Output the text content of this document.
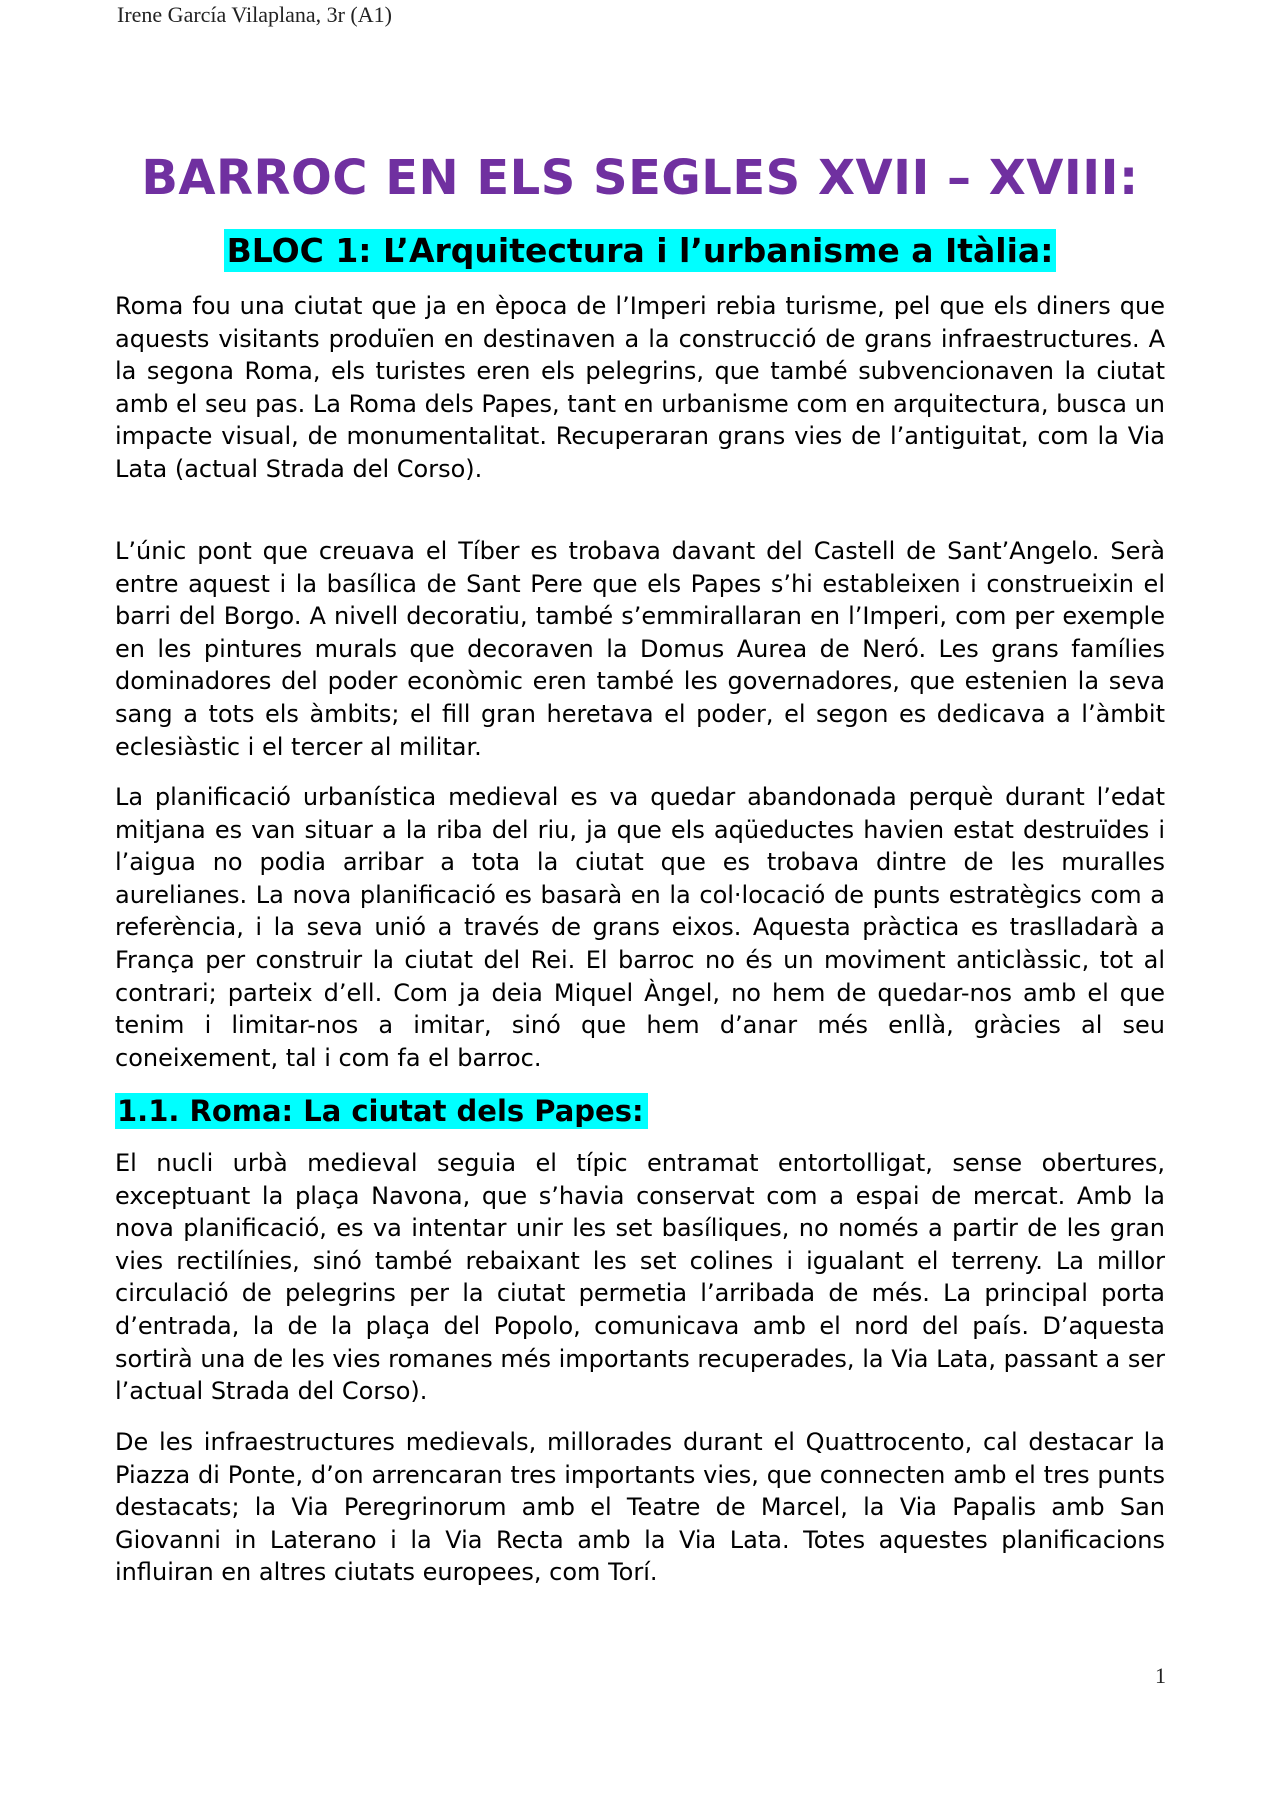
Irene García Vilaplana, 3r (A1)
BARROC EN ELS SEGLES XVII – XVIII:
BLOC 1: L’Arquitectura i l’urbanisme a Itàlia:

Roma fou una ciutat que ja en època de l’Imperi rebia turisme, pel que els diners que aquests visitants produïen en destinaven a la construcció de grans infraestructures. A la segona Roma, els turistes eren els pelegrins, que també subvencionaven la ciutat amb el seu pas. La Roma dels Papes, tant en urbanisme com en arquitectura, busca un impacte visual, de monumentalitat. Recuperaran grans vies de l’antiguitat, com la Via Lata (actual Strada del Corso).

L’únic pont que creuava el Tíber es trobava davant del Castell de Sant’Angelo. Serà entre aquest i la basílica de Sant Pere que els Papes s’hi estableixen i construeixin el barri del Borgo. A nivell decoratiu, també s’emmirallaran en l’Imperi, com per exemple en les pintures murals que decoraven la Domus Aurea de Neró. Les grans famílies dominadores del poder econòmic eren també les governadores, que estenien la seva sang a tots els àmbits; el fill gran heretava el poder, el segon es dedicava a l’àmbit eclesiàstic i el tercer al militar.

La planificació urbanística medieval es va quedar abandonada perquè durant l’edat mitjana es van situar a la riba del riu, ja que els aqüeductes havien estat destruïdes i l’aigua no podia arribar a tota la ciutat que es trobava dintre de les muralles aurelianes. La nova planificació es basarà en la col·locació de punts estratègics com a referència, i la seva unió a través de grans eixos. Aquesta pràctica es traslladarà a França per construir la ciutat del Rei. El barroc no és un moviment anticlàssic, tot al contrari; parteix d’ell. Com ja deia Miquel Àngel, no hem de quedar-nos amb el que tenim i limitar-nos a imitar, sinó que hem d’anar més enllà, gràcies al seu coneixement, tal i com fa el barroc.

1.1. Roma: La ciutat dels Papes:

El nucli urbà medieval seguia el típic entramat entortolligat, sense obertures, exceptuant la plaça Navona, que s’havia conservat com a espai de mercat. Amb la nova planificació, es va intentar unir les set basíliques, no només a partir de les gran vies rectilínies, sinó també rebaixant les set colines i igualant el terreny. La millor circulació de pelegrins per la ciutat permetia l’arribada de més. La principal porta d’entrada, la de la plaça del Popolo, comunicava amb el nord del país. D’aquesta sortirà una de les vies romanes més importants recuperades, la Via Lata, passant a ser l’actual Strada del Corso).

De les infraestructures medievals, millorades durant el Quattrocento, cal destacar la Piazza di Ponte, d’on arrencaran tres importants vies, que connecten amb el tres punts destacats; la Via Peregrinorum amb el Teatre de Marcel, la Via Papalis amb San Giovanni in Laterano i la Via Recta amb la Via Lata. Totes aquestes planificacions influiran en altres ciutats europees, com Torí.

1
